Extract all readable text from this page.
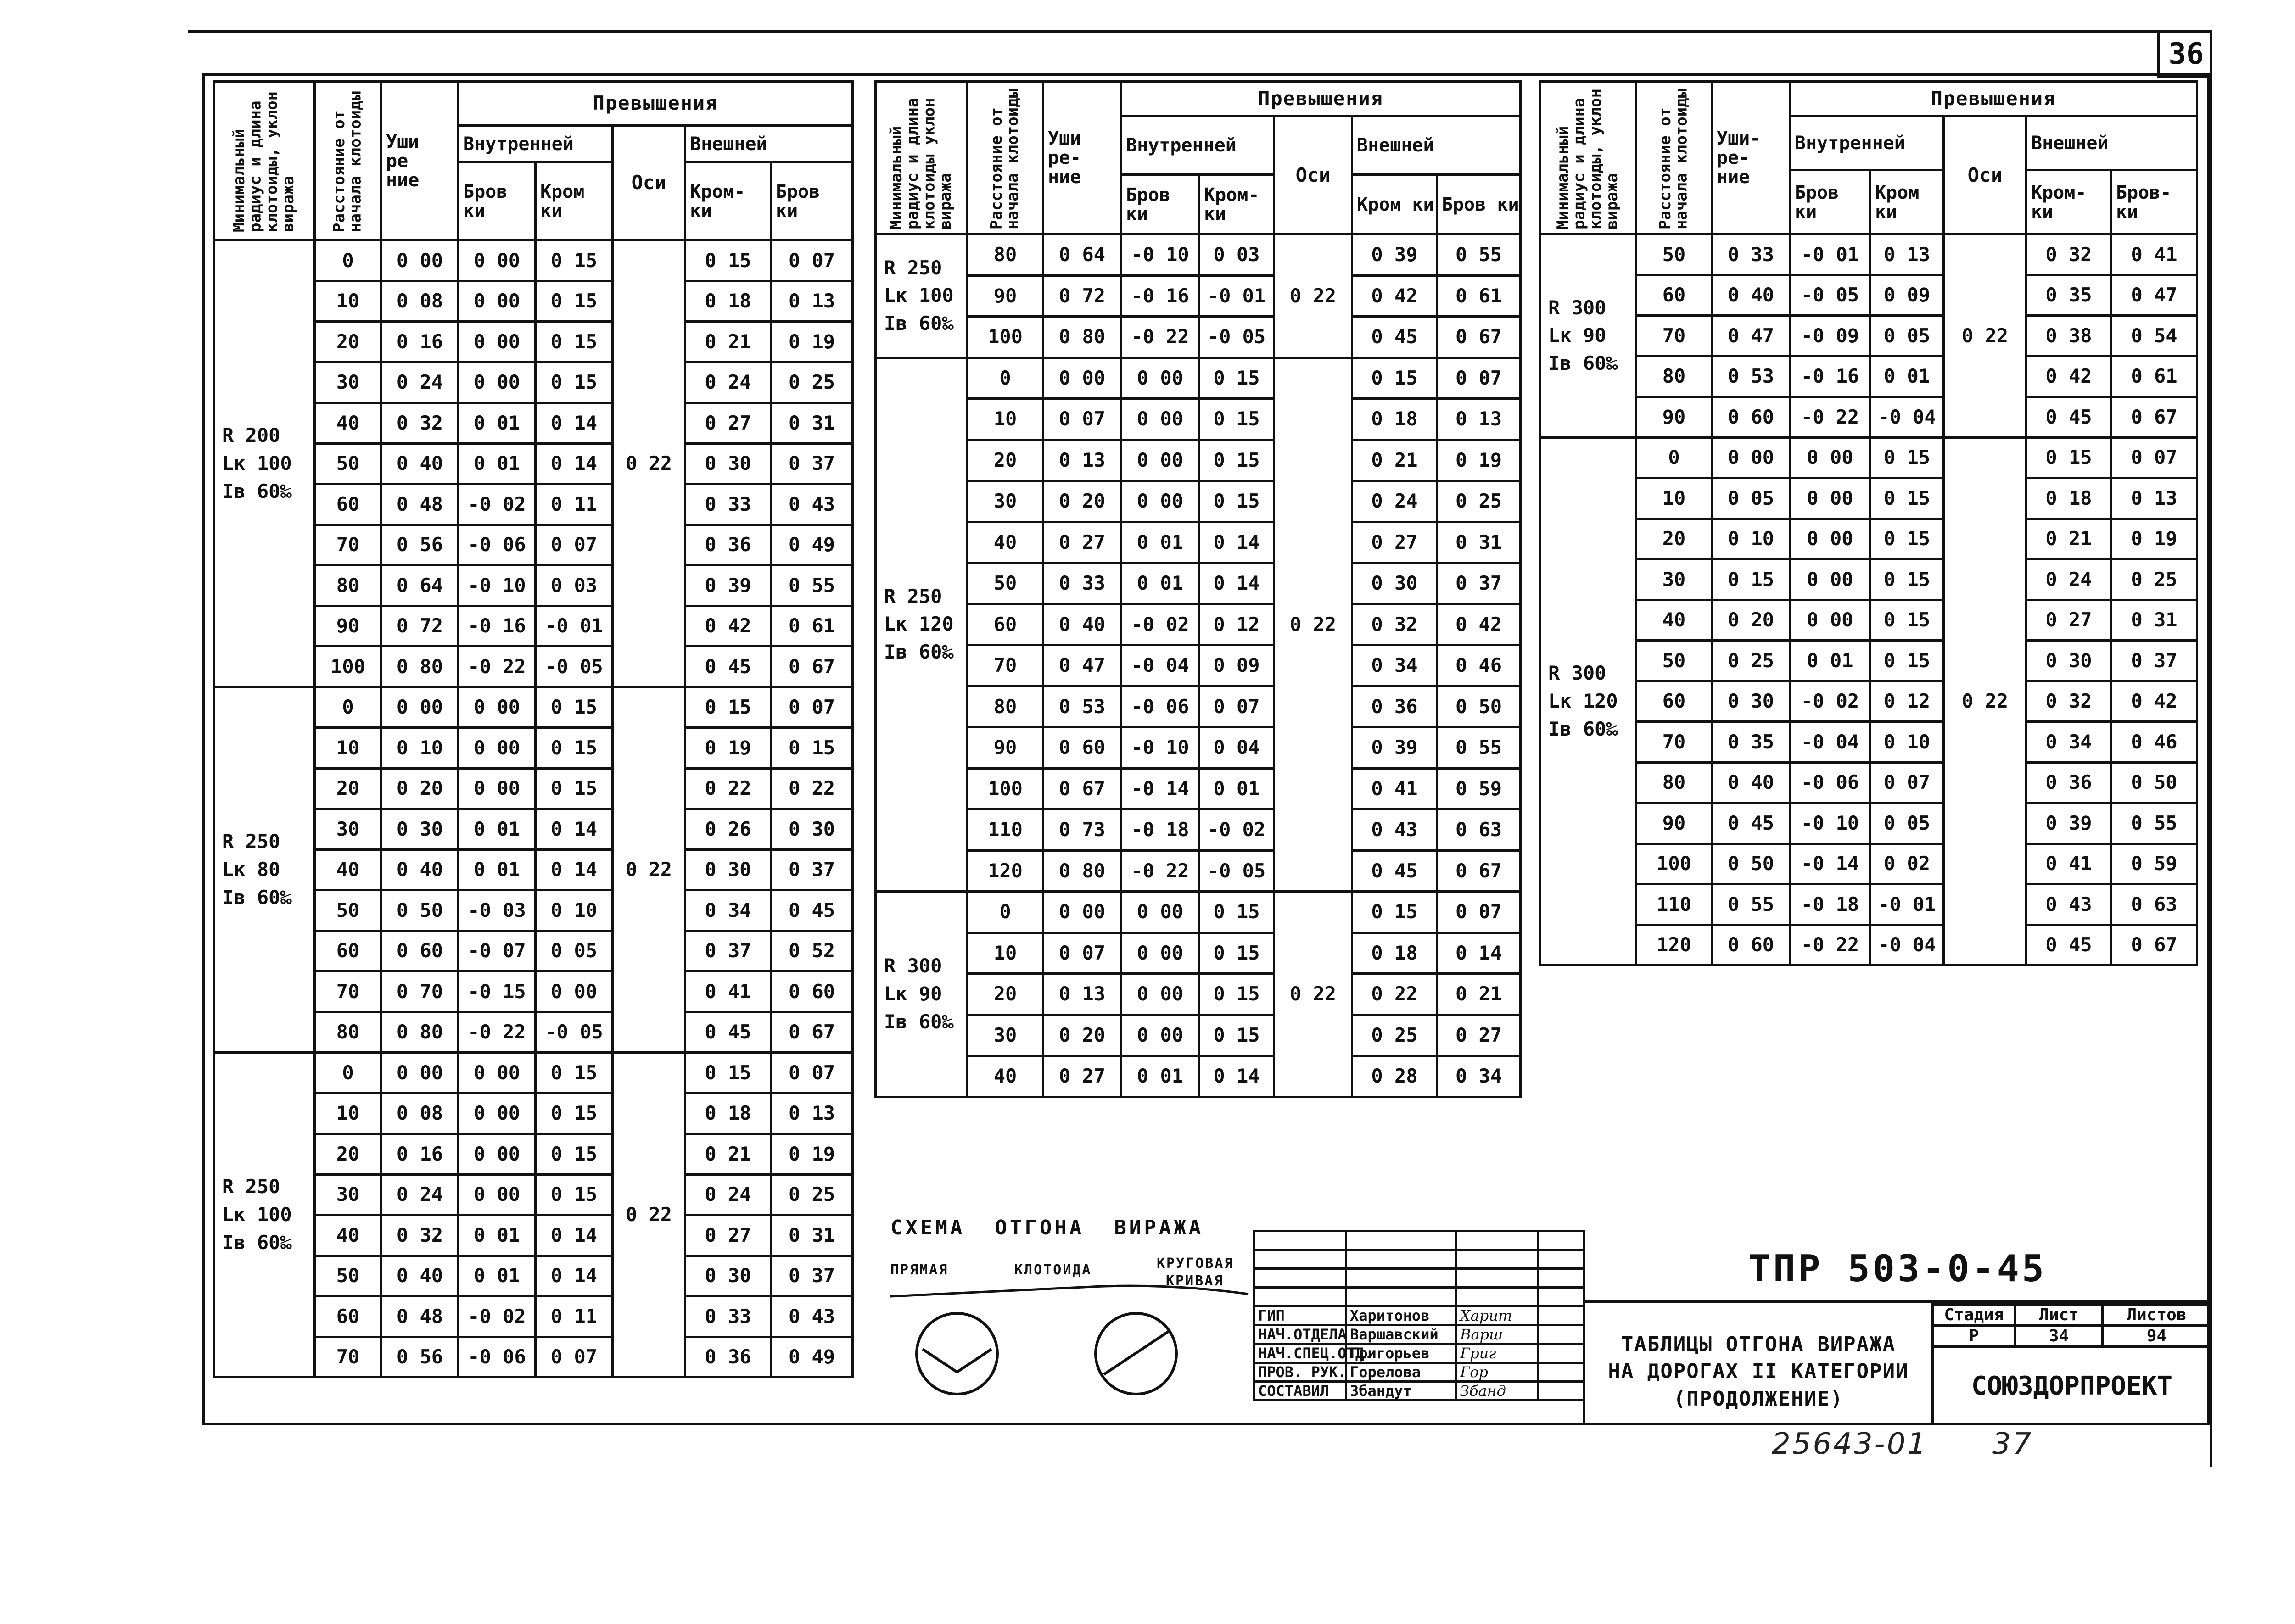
36
Минимальный радиус и длина клотоиды, уклон виража	Расстояние от начала клотоиды	Уши ре ние	Превышения				

			Внутренней		Оси	Внешней	

			Бров ки	Кром ки		Кром- ки	Бров ки

R 200
Lк 100
Iв 60‰	0	0 00	0 00	0 15	0 22	0 15	0 07
	10	0 08	0 00	0 15		0 18	0 13
	20	0 16	0 00	0 15		0 21	0 19
	30	0 24	0 00	0 15		0 24	0 25
	40	0 32	0 01	0 14		0 27	0 31
	50	0 40	0 01	0 14		0 30	0 37
	60	0 48	-0 02	0 11		0 33	0 43
	70	0 56	-0 06	0 07		0 36	0 49
	80	0 64	-0 10	0 03		0 39	0 55
	90	0 72	-0 16	-0 01		0 42	0 61
	100	0 80	-0 22	-0 05		0 45	0 67
R 250
Lк 80
Iв 60‰	0	0 00	0 00	0 15	0 22	0 15	0 07
	10	0 10	0 00	0 15		0 19	0 15
	20	0 20	0 00	0 15		0 22	0 22
	30	0 30	0 01	0 14		0 26	0 30
	40	0 40	0 01	0 14		0 30	0 37
	50	0 50	-0 03	0 10		0 34	0 45
	60	0 60	-0 07	0 05		0 37	0 52
	70	0 70	-0 15	0 00		0 41	0 60
	80	0 80	-0 22	-0 05		0 45	0 67
R 250
Lк 100
Iв 60‰	0	0 00	0 00	0 15	0 22	0 15	0 07
	10	0 08	0 00	0 15		0 18	0 13
	20	0 16	0 00	0 15		0 21	0 19
	30	0 24	0 00	0 15		0 24	0 25
	40	0 32	0 01	0 14		0 27	0 31
	50	0 40	0 01	0 14		0 30	0 37
	60	0 48	-0 02	0 11		0 33	0 43
	70	0 56	-0 06	0 07		0 36	0 49
Минимальный радиус и длина клотоиды уклон виража	Расстояние от начала клотоиды	Уши ре- ние	Превышения				

			Внутренней		Оси	Внешней	

			Бров ки	Кром- ки		Кром ки	Бров ки

R 250
Lк 100
Iв 60‰	80	0 64	-0 10	0 03	0 22	0 39	0 55
	90	0 72	-0 16	-0 01		0 42	0 61
	100	0 80	-0 22	-0 05		0 45	0 67
R 250
Lк 120
Iв 60‰	0	0 00	0 00	0 15	0 22	0 15	0 07
	10	0 07	0 00	0 15		0 18	0 13
	20	0 13	0 00	0 15		0 21	0 19
	30	0 20	0 00	0 15		0 24	0 25
	40	0 27	0 01	0 14		0 27	0 31
	50	0 33	0 01	0 14		0 30	0 37
	60	0 40	-0 02	0 12		0 32	0 42
	70	0 47	-0 04	0 09		0 34	0 46
	80	0 53	-0 06	0 07		0 36	0 50
	90	0 60	-0 10	0 04		0 39	0 55
	100	0 67	-0 14	0 01		0 41	0 59
	110	0 73	-0 18	-0 02		0 43	0 63
	120	0 80	-0 22	-0 05		0 45	0 67
R 300
Lк 90
Iв 60‰	0	0 00	0 00	0 15	0 22	0 15	0 07
	10	0 07	0 00	0 15		0 18	0 14
	20	0 13	0 00	0 15		0 22	0 21
	30	0 20	0 00	0 15		0 25	0 27
	40	0 27	0 01	0 14		0 28	0 34
Минимальный радиус и длина клотоиды, уклон виража	Расстояние от начала клотоиды	Уши- ре- ние	Превышения				

			Внутренней		Оси	Внешней	

			Бров ки	Кром ки		Кром- ки	Бров- ки

R 300
Lк 90
Iв 60‰	50	0 33	-0 01	0 13	0 22	0 32	0 41
	60	0 40	-0 05	0 09		0 35	0 47
	70	0 47	-0 09	0 05		0 38	0 54
	80	0 53	-0 16	0 01		0 42	0 61
	90	0 60	-0 22	-0 04		0 45	0 67
R 300
Lк 120
Iв 60‰	0	0 00	0 00	0 15	0 22	0 15	0 07
	10	0 05	0 00	0 15		0 18	0 13
	20	0 10	0 00	0 15		0 21	0 19
	30	0 15	0 00	0 15		0 24	0 25
	40	0 20	0 00	0 15		0 27	0 31
	50	0 25	0 01	0 15		0 30	0 37
	60	0 30	-0 02	0 12		0 32	0 42
	70	0 35	-0 04	0 10		0 34	0 46
	80	0 40	-0 06	0 07		0 36	0 50
	90	0 45	-0 10	0 05		0 39	0 55
	100	0 50	-0 14	0 02		0 41	0 59
	110	0 55	-0 18	-0 01		0 43	0 63
	120	0 60	-0 22	-0 04		0 45	0 67
СХЕМА  ОТГОНА  ВИРАЖА
ПРЯМАЯ	КЛОТОИДА	КРУГОВАЯ
КРИВАЯ

ГИП	Харитонов	Харит	
НАЧ.ОТДЕЛА	Варшавский	Варш	
НАЧ.СПЕЦ.ОТД.	Григорьев	Григ	
ПРОВ. РУК.	Горелова	Гор	
СОСТАВИЛ	Збандут	Збанд	
ТПР 503-0-45
ТАБЛИЦЫ ОТГОНА ВИРАЖА
НА ДОРОГАХ II КАТЕГОРИИ
(ПРОДОЛЖЕНИЕ)
Стадия	Лист	Листов
Р	34	94
СОЮЗДОРПРОЕКТ
25643-01 37
